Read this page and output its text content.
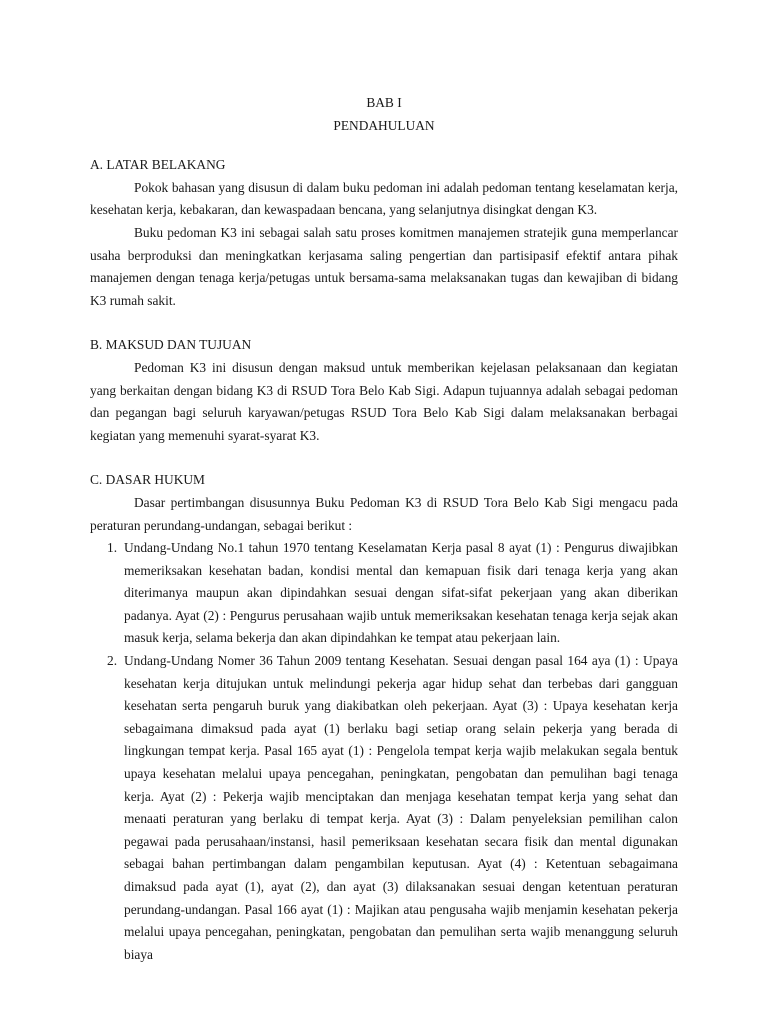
BAB I
PENDAHULUAN
A. LATAR BELAKANG

Pokok bahasan yang disusun di dalam buku pedoman ini adalah pedoman tentang keselamatan kerja, kesehatan kerja, kebakaran, dan kewaspadaan bencana, yang selanjutnya disingkat dengan K3.

Buku pedoman K3 ini sebagai salah satu proses komitmen manajemen stratejik guna memperlancar usaha berproduksi dan meningkatkan kerjasama saling pengertian dan partisipasif efektif antara pihak manajemen dengan tenaga kerja/petugas untuk bersama-sama melaksanakan tugas dan kewajiban di bidang K3 rumah sakit.

B. MAKSUD DAN TUJUAN

Pedoman K3 ini disusun dengan maksud untuk memberikan kejelasan pelaksanaan dan kegiatan yang berkaitan dengan bidang K3 di RSUD Tora Belo Kab Sigi. Adapun tujuannya adalah sebagai pedoman dan pegangan bagi seluruh karyawan/petugas RSUD Tora Belo Kab Sigi dalam melaksanakan berbagai kegiatan yang memenuhi syarat-syarat K3.

C. DASAR HUKUM

Dasar pertimbangan disusunnya Buku Pedoman K3 di RSUD Tora Belo Kab Sigi mengacu pada peraturan perundang-undangan, sebagai berikut :

1. Undang-Undang No.1 tahun 1970 tentang Keselamatan Kerja pasal 8 ayat (1) : Pengurus diwajibkan memeriksakan kesehatan badan, kondisi mental dan kemapuan fisik dari tenaga kerja yang akan diterimanya maupun akan dipindahkan sesuai dengan sifat-sifat pekerjaan yang akan diberikan padanya. Ayat (2) : Pengurus perusahaan wajib untuk memeriksakan kesehatan tenaga kerja sejak akan masuk kerja, selama bekerja dan akan dipindahkan ke tempat atau pekerjaan lain.
2. Undang-Undang Nomer 36 Tahun 2009 tentang Kesehatan. Sesuai dengan pasal 164 aya (1) : Upaya kesehatan kerja ditujukan untuk melindungi pekerja agar hidup sehat dan terbebas dari gangguan kesehatan serta pengaruh buruk yang diakibatkan oleh pekerjaan. Ayat (3) : Upaya kesehatan kerja sebagaimana dimaksud pada ayat (1) berlaku bagi setiap orang selain pekerja yang berada di lingkungan tempat kerja. Pasal 165 ayat (1) : Pengelola tempat kerja wajib melakukan segala bentuk upaya kesehatan melalui upaya pencegahan, peningkatan, pengobatan dan pemulihan bagi tenaga kerja. Ayat (2) : Pekerja wajib menciptakan dan menjaga kesehatan tempat kerja yang sehat dan menaati peraturan yang berlaku di tempat kerja. Ayat (3) : Dalam penyeleksian pemilihan calon pegawai pada perusahaan/instansi, hasil pemeriksaan kesehatan secara fisik dan mental digunakan sebagai bahan pertimbangan dalam pengambilan keputusan. Ayat (4) : Ketentuan sebagaimana dimaksud pada ayat (1), ayat (2), dan ayat (3) dilaksanakan sesuai dengan ketentuan peraturan perundang-undangan. Pasal 166 ayat (1) : Majikan atau pengusaha wajib menjamin kesehatan pekerja melalui upaya pencegahan, peningkatan, pengobatan dan pemulihan serta wajib menanggung seluruh biaya
